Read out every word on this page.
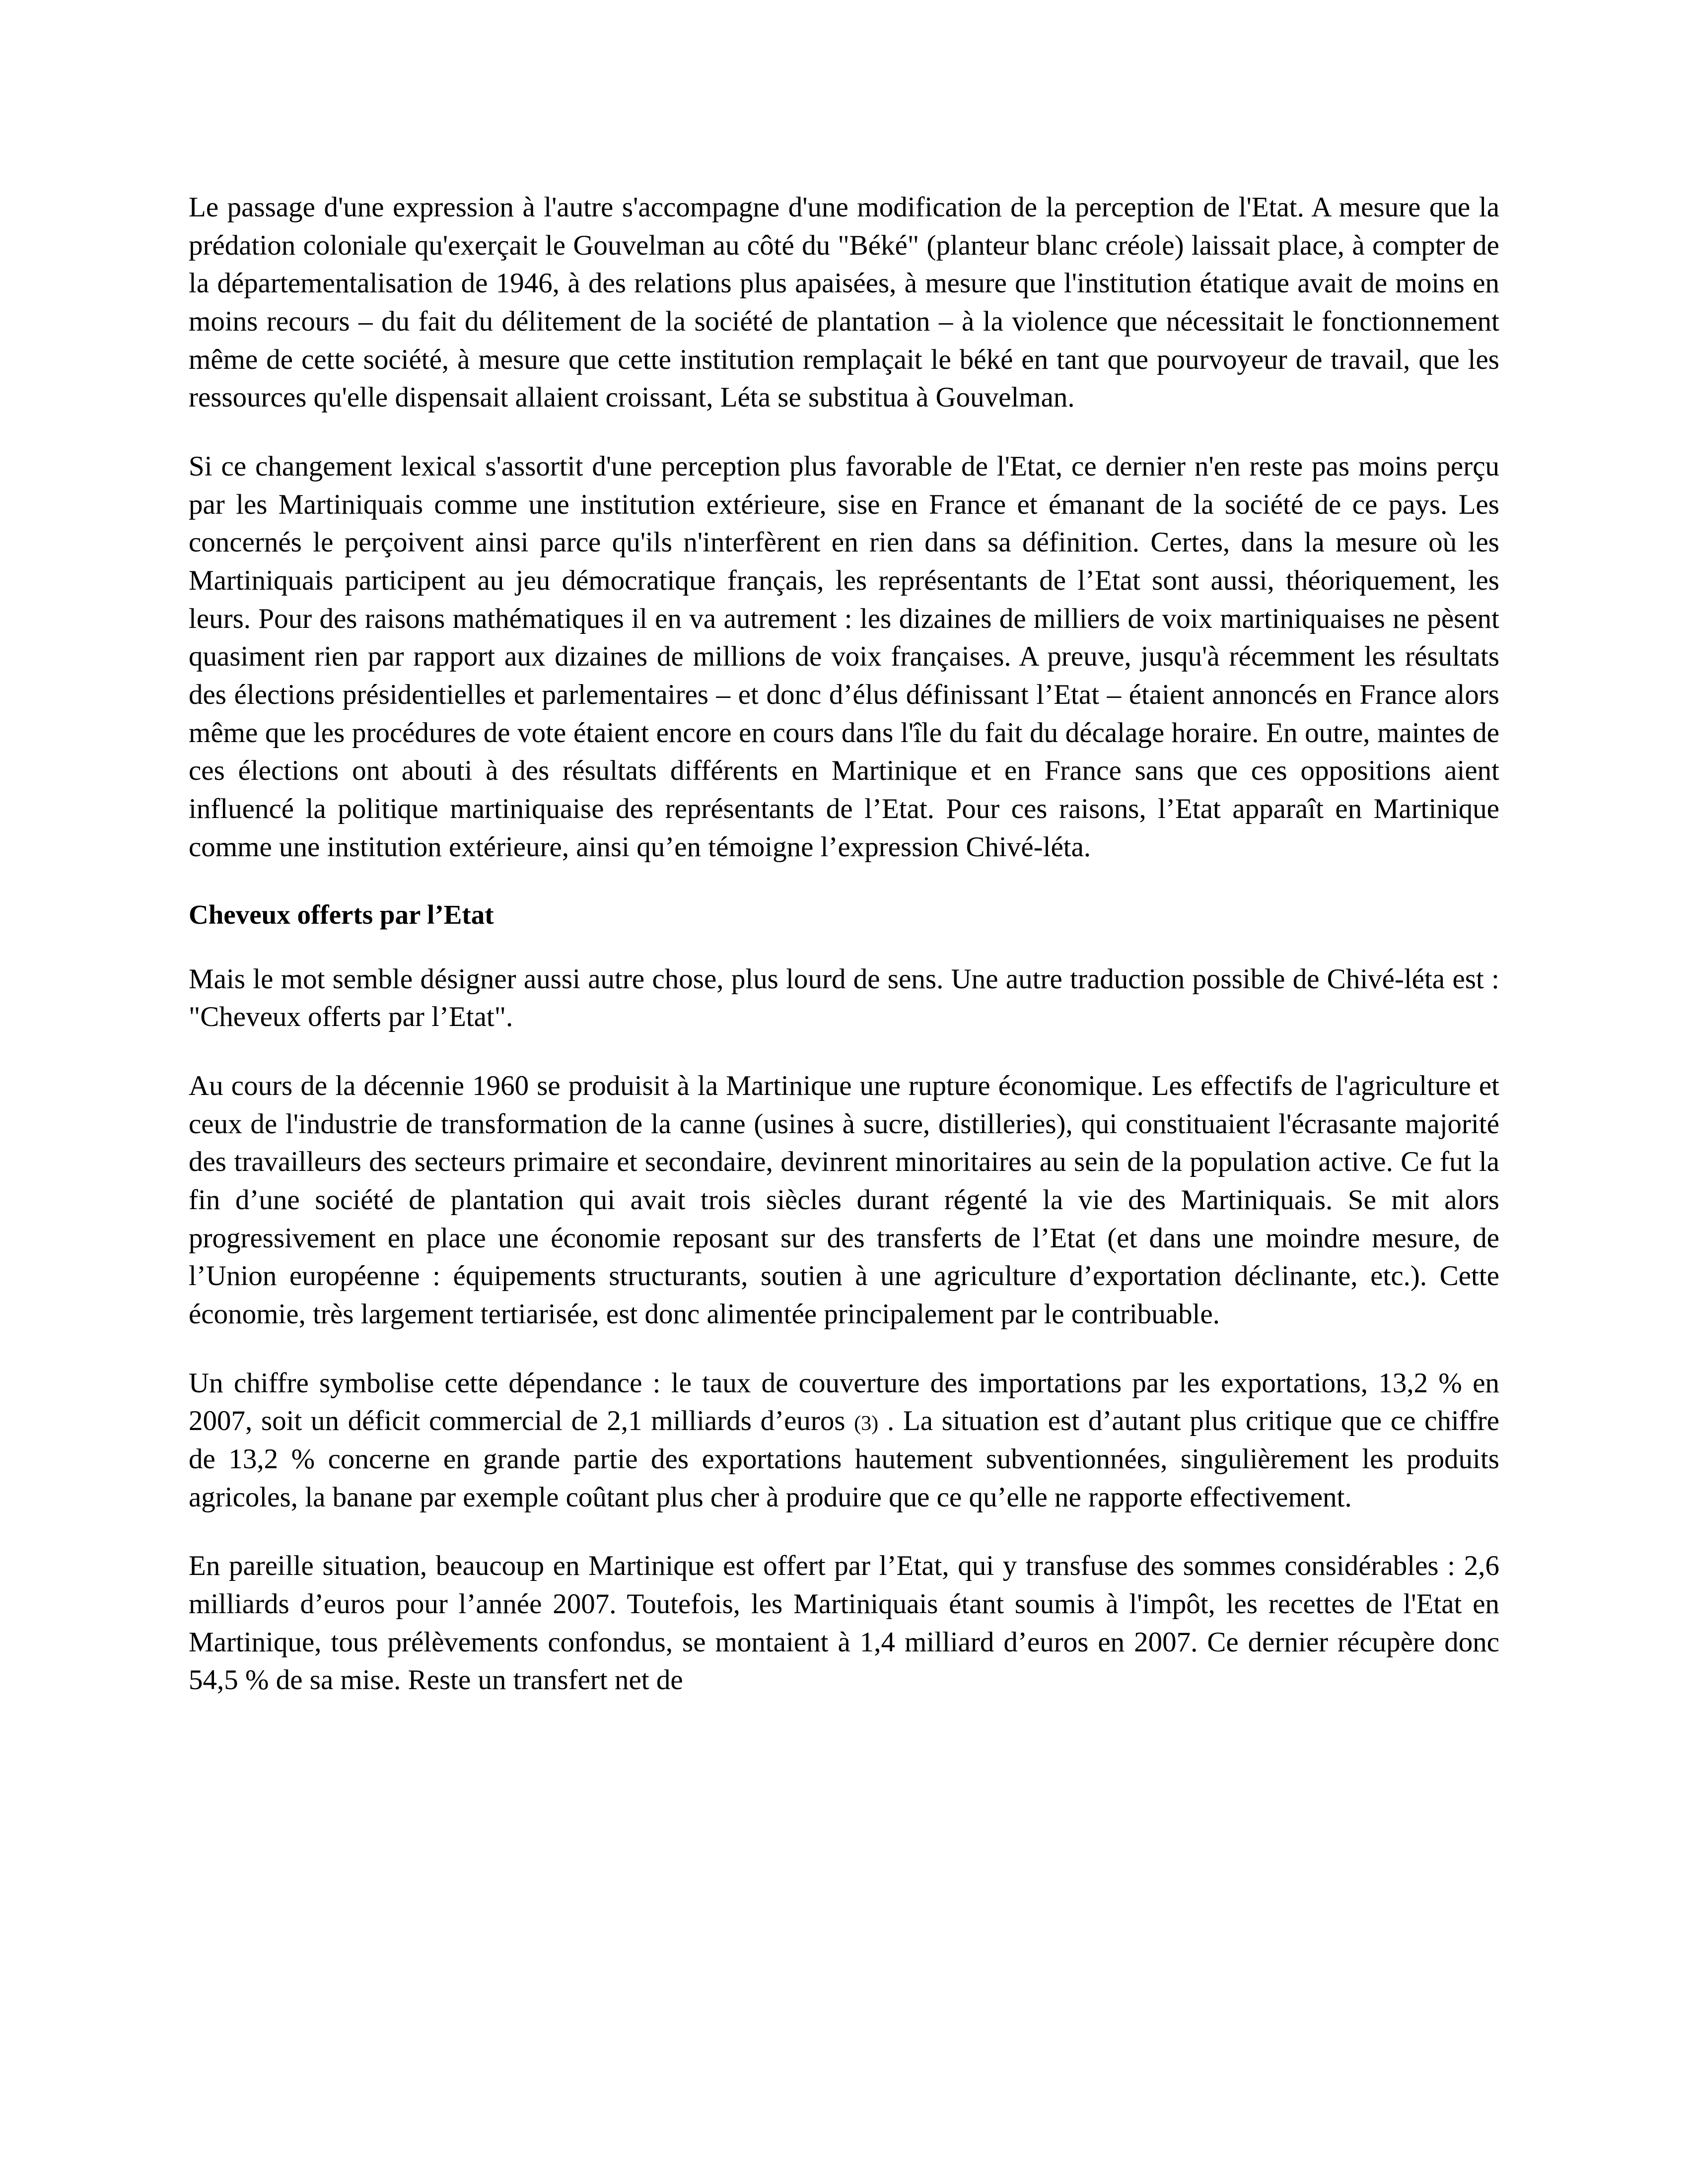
Le passage d'une expression à l'autre s'accompagne d'une modification de la perception de l'Etat. A mesure que la prédation coloniale qu'exerçait le Gouvelman au côté du "Béké" (planteur blanc créole) laissait place, à compter de la départementalisation de 1946, à des relations plus apaisées, à mesure que l'institution étatique avait de moins en moins recours – du fait du délitement de la société de plantation – à la violence que nécessitait le fonctionnement même de cette société, à mesure que cette institution remplaçait le béké en tant que pourvoyeur de travail, que les ressources qu'elle dispensait allaient croissant, Léta se substitua à Gouvelman.

Si ce changement lexical s'assortit d'une perception plus favorable de l'Etat, ce dernier n'en reste pas moins perçu par les Martiniquais comme une institution extérieure, sise en France et émanant de la société de ce pays. Les concernés le perçoivent ainsi parce qu'ils n'interfèrent en rien dans sa définition. Certes, dans la mesure où les Martiniquais participent au jeu démocratique français, les représentants de l’Etat sont aussi, théoriquement, les leurs. Pour des raisons mathématiques il en va autrement : les dizaines de milliers de voix martiniquaises ne pèsent quasiment rien par rapport aux dizaines de millions de voix françaises. A preuve, jusqu'à récemment les résultats des élections présidentielles et parlementaires – et donc d’élus définissant l’Etat – étaient annoncés en France alors même que les procédures de vote étaient encore en cours dans l'île du fait du décalage horaire. En outre, maintes de ces élections ont abouti à des résultats différents en Martinique et en France sans que ces oppositions aient influencé la politique martiniquaise des représentants de l’Etat. Pour ces raisons, l’Etat apparaît en Martinique comme une institution extérieure, ainsi qu’en témoigne l’expression Chivé-léta.

Cheveux offerts par l’Etat

Mais le mot semble désigner aussi autre chose, plus lourd de sens. Une autre traduction possible de Chivé-léta est : "Cheveux offerts par l’Etat".

Au cours de la décennie 1960 se produisit à la Martinique une rupture économique. Les effectifs de l'agriculture et ceux de l'industrie de transformation de la canne (usines à sucre, distilleries), qui constituaient l'écrasante majorité des travailleurs des secteurs primaire et secondaire, devinrent minoritaires au sein de la population active. Ce fut la fin d’une société de plantation qui avait trois siècles durant régenté la vie des Martiniquais. Se mit alors progressivement en place une économie reposant sur des transferts de l’Etat (et dans une moindre mesure, de l’Union européenne : équipements structurants, soutien à une agriculture d’exportation déclinante, etc.). Cette économie, très largement tertiarisée, est donc alimentée principalement par le contribuable.

Un chiffre symbolise cette dépendance : le taux de couverture des importations par les exportations, 13,2 % en 2007, soit un déficit commercial de 2,1 milliards d’euros (3) . La situation est d’autant plus critique que ce chiffre de 13,2 % concerne en grande partie des exportations hautement subventionnées, singulièrement les produits agricoles, la banane par exemple coûtant plus cher à produire que ce qu’elle ne rapporte effectivement.

En pareille situation, beaucoup en Martinique est offert par l’Etat, qui y transfuse des sommes considérables : 2,6 milliards d’euros pour l’année 2007. Toutefois, les Martiniquais étant soumis à l'impôt, les recettes de l'Etat en Martinique, tous prélèvements confondus, se montaient à 1,4 milliard d’euros en 2007. Ce dernier récupère donc 54,5 % de sa mise. Reste un transfert net de
